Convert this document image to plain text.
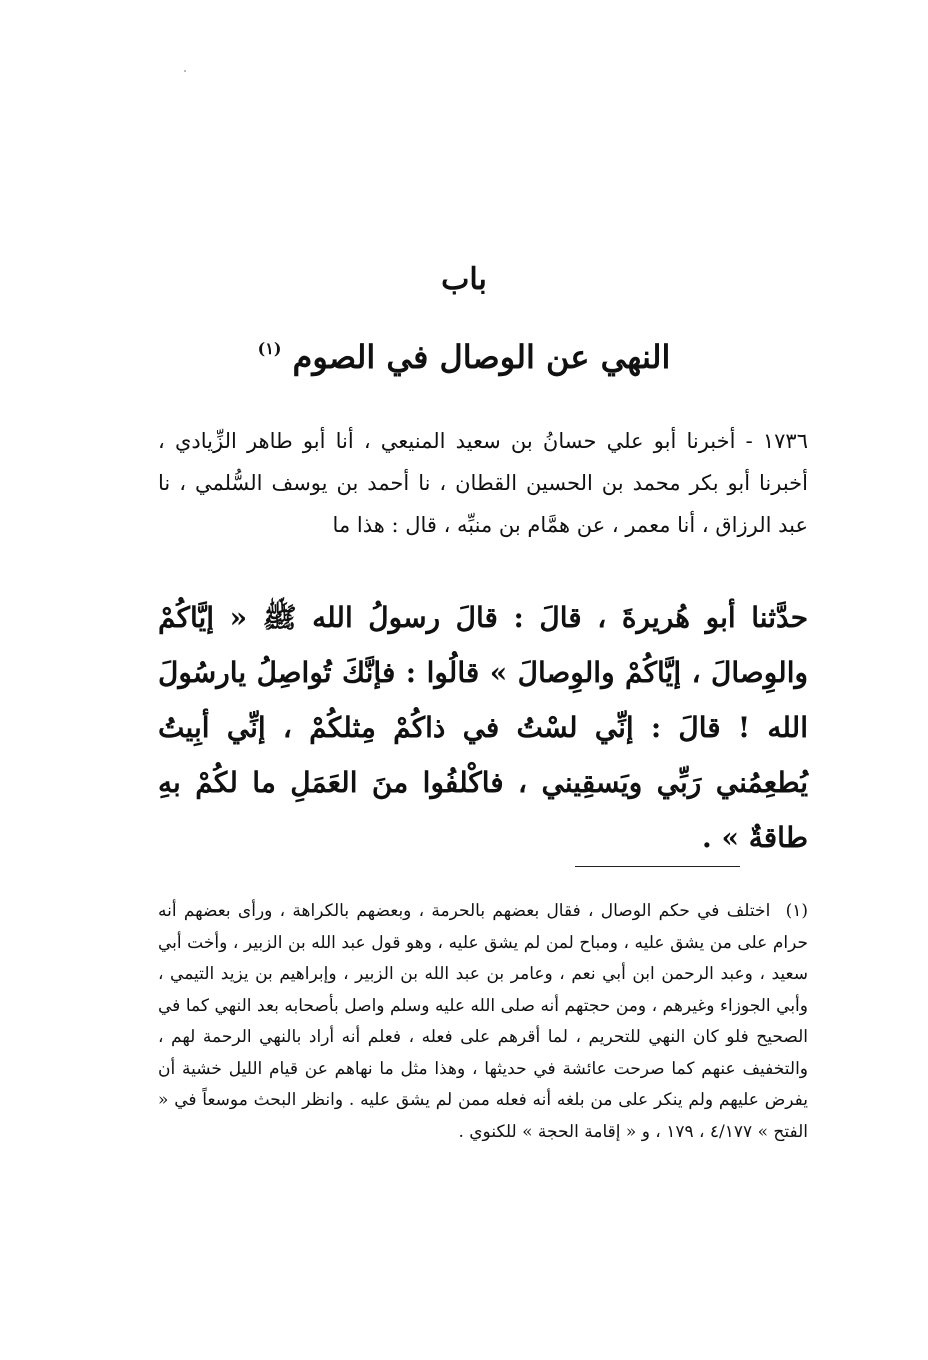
باب
النهي عن الوصال في الصوم $^{(١)}$
١٧٣٦ - أخبرنا أبو علي حسانُ بن سعيد المنيعي ، أنا أبو طاهر الزِّيادي ، أخبرنا أبو بكر محمد بن الحسين القطان ، نا أحمد بن يوسف السُّلمي ، نا عبد الرزاق ، أنا معمر ، عن همَّام بن منبِّه ، قال : هذا ما
حدَّثنا أبو هُريرةَ ، قالَ : قالَ رسولُ الله ﷺ « إيَّاكُمْ والوِصالَ ، إيَّاكُمْ والوِصالَ » قالُوا : فإنَّكَ تُواصِلُ يارسُولَ الله ! قالَ : إنِّي لسْتُ في ذاكُمْ مِثلكُمْ ، إنِّي أبِيتُ يُطعِمُني رَبِّي ويَسقِيني ، فاكْلفُوا منَ العَمَلِ ما لكُمْ بهِ طاقةٌ » .
(١) اختلف في حكم الوصال ، فقال بعضهم بالحرمة ، وبعضهم بالكراهة ، ورأى بعضهم أنه حرام على من يشق عليه ، ومباح لمن لم يشق عليه ، وهو قول عبد الله بن الزبير ، وأخت أبي سعيد ، وعبد الرحمن ابن أبي نعم ، وعامر بن عبد الله بن الزبير ، وإبراهيم بن يزيد التيمي ، وأبي الجوزاء وغيرهم ، ومن حجتهم أنه صلى الله عليه وسلم واصل بأصحابه بعد النهي كما في الصحيح فلو كان النهي للتحريم ، لما أقرهم على فعله ، فعلم أنه أراد بالنهي الرحمة لهم ، والتخفيف عنهم كما صرحت عائشة في حديثها ، وهذا مثل ما نهاهم عن قيام الليل خشية أن يفرض عليهم ولم ينكر على من بلغه أنه فعله ممن لم يشق عليه . وانظر البحث موسعاً في « الفتح » ٤/١٧٧ ، ١٧٩ ، و « إقامة الحجة » للكنوي .
